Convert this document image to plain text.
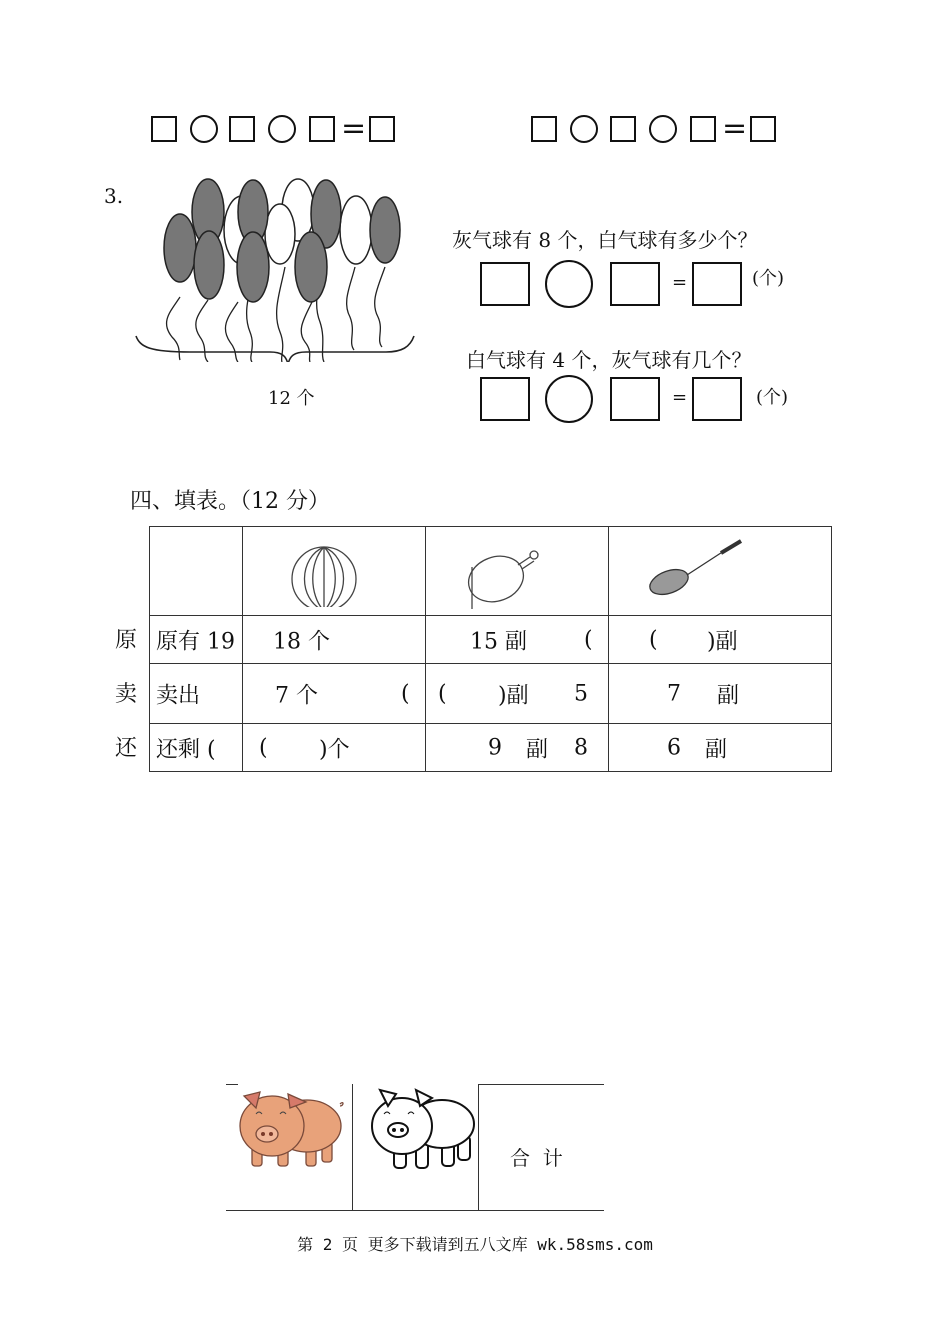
=	=
3.
12 个
灰气球有 8 个，白气球有多少个？
=	(个)
白气球有 4 个，灰气球有几个？
=	(个)
四、填表。（12 分）
原
卖
还

原有 19	18 个	15 副 (	( )副

卖出	7 个 (	( )副 5	7 副

还剩 (	( )个	9 副 8	6 副
合  计
第 2 页 更多下载请到五八文库 wk.58sms.com
